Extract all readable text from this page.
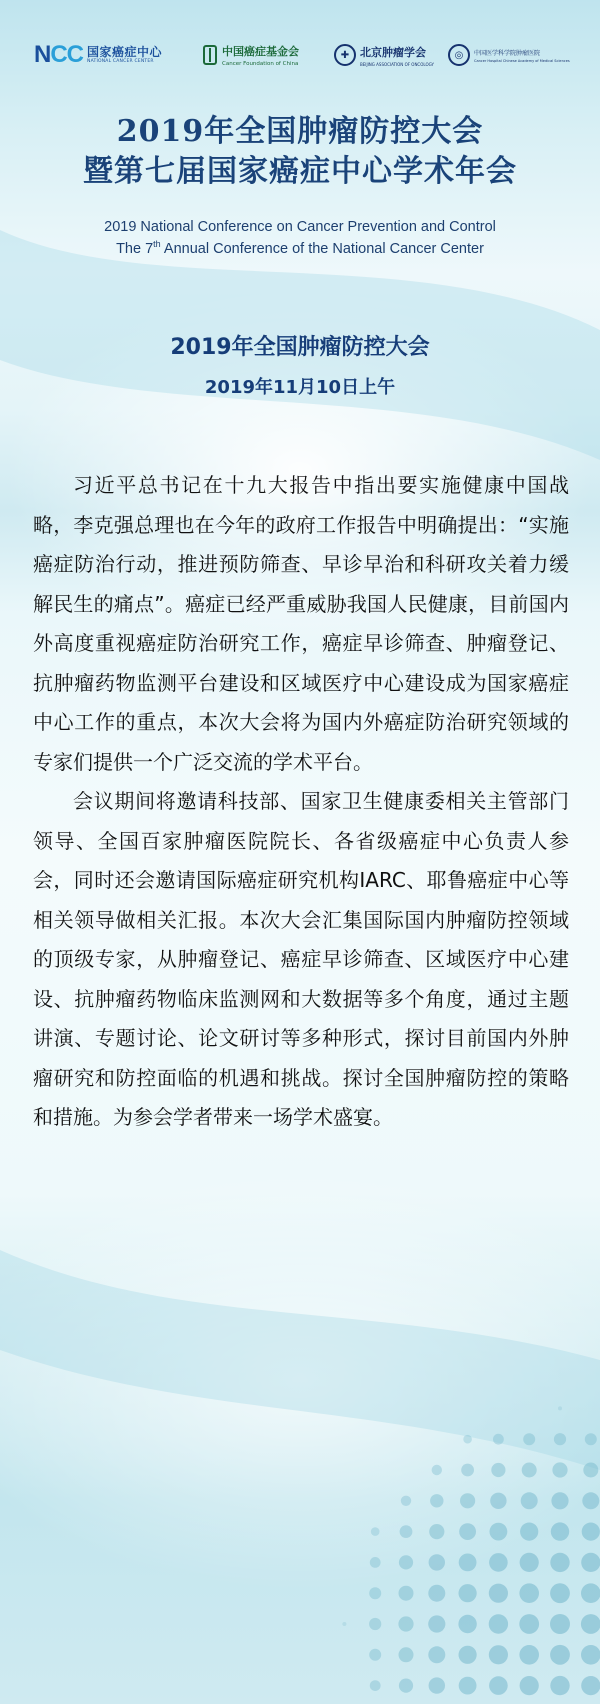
NCC 国家癌症中心
NATIONAL CANCER CENTER
中国癌症基金会
Cancer Foundation of China
✚ 北京肿瘤学会
BEIJING ASSOCIATION OF ONCOLOGY
◎	中国医学科学院肿瘤医院
Cancer Hospital Chinese Academy of Medical Sciences
2019年全国肿瘤防控大会
暨第七届国家癌症中心学术年会

2019 National Conference on Cancer Prevention and Control

The 7th Annual Conference of the National Cancer Center

2019年全国肿瘤防控大会

2019年11月10日上午

习近平总书记在十九大报告中指出要实施健康中国战略，李克强总理也在今年的政府工作报告中明确提出：“实施癌症防治行动，推进预防筛查、早诊早治和科研攻关着力缓解民生的痛点”。癌症已经严重威胁我国人民健康，目前国内外高度重视癌症防治研究工作，癌症早诊筛查、肿瘤登记、抗肿瘤药物监测平台建设和区域医疗中心建设成为国家癌症中心工作的重点，本次大会将为国内外癌症防治研究领域的专家们提供一个广泛交流的学术平台。

会议期间将邀请科技部、国家卫生健康委相关主管部门领导、全国百家肿瘤医院院长、各省级癌症中心负责人参会，同时还会邀请国际癌症研究机构IARC、耶鲁癌症中心等相关领导做相关汇报。本次大会汇集国际国内肿瘤防控领域的顶级专家，从肿瘤登记、癌症早诊筛查、区域医疗中心建设、抗肿瘤药物临床监测网和大数据等多个角度，通过主题讲演、专题讨论、论文研讨等多种形式，探讨目前国内外肿瘤研究和防控面临的机遇和挑战。探讨全国肿瘤防控的策略和措施。为参会学者带来一场学术盛宴。
